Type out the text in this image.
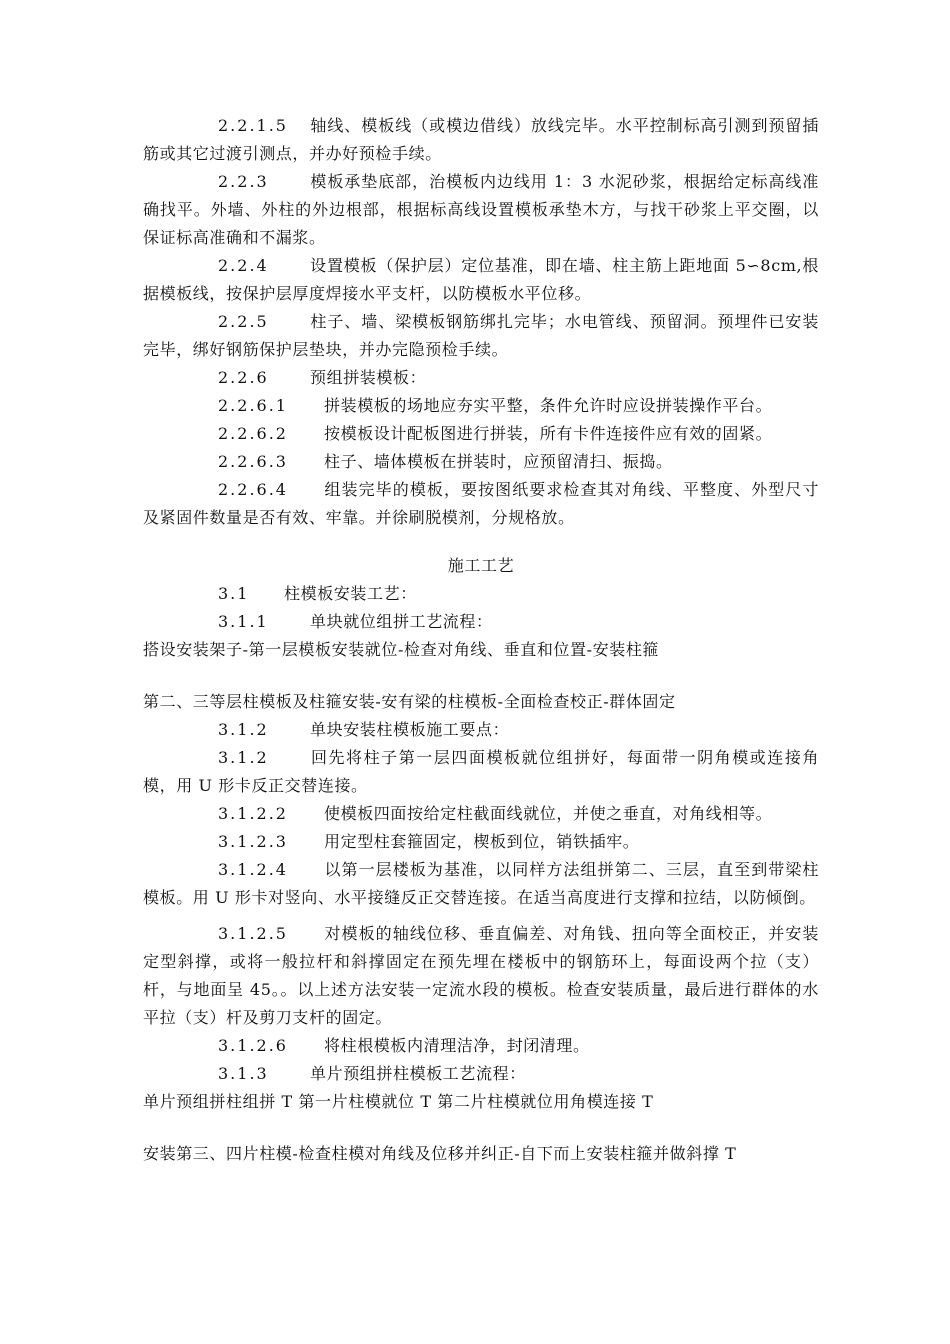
2.2.1.5 轴线、模板线（或模边借线）放线完毕。水平控制标高引测到预留插筋或其它过渡引测点，并办好预检手续。

2.2.3	模板承垫底部，治模板内边线用 1：3 水泥砂浆，根据给定标高线准确找平。外墙、外柱的外边根部，根据标高线设置模板承垫木方，与找干砂浆上平交圈，以保证标高准确和不漏浆。

2.2.4	设置模板（保护层）定位基准，即在墙、柱主筋上距地面 5∽8cm,根据模板线，按保护层厚度焊接水平支杆，以防模板水平位移。

2.2.5	柱子、墙、梁模板钢筋绑扎完毕；水电管线、预留洞。预埋件已安装完毕，绑好钢筋保护层垫块，并办完隐预检手续。

2.2.6	预组拼装模板：

2.2.6.1 拼装模板的场地应夯实平整，条件允许时应设拼装操作平台。

2.2.6.2 按模板设计配板图进行拼装，所有卡件连接件应有效的固紧。

2.2.6.3 柱子、墙体模板在拼装时，应预留清扫、振捣。

2.2.6.4 组装完毕的模板，要按图纸要求检查其对角线、平整度、外型尺寸及紧固件数量是否有效、牢靠。并徐刷脱模剂，分规格放。

施工工艺

3.1 柱模板安装工艺：

3.1.1	单块就位组拼工艺流程：

搭设安装架子-第一层模板安装就位-检查对角线、垂直和位置-安装柱箍

第二、三等层柱模板及柱箍安装-安有梁的柱模板-全面检查校正-群体固定

3.1.2	单块安装柱模板施工要点：

3.1.2	回先将柱子第一层四面模板就位组拼好，每面带一阴角模或连接角模，用 U 形卡反正交替连接。

3.1.2.2 使模板四面按给定柱截面线就位，并使之垂直，对角线相等。

3.1.2.3 用定型柱套箍固定，楔板到位，销铁插牢。

3.1.2.4 以第一层楼板为基准，以同样方法组拼第二、三层，直至到带梁柱模板。用 U 形卡对竖向、水平接缝反正交替连接。在适当高度进行支撑和拉结，以防倾倒。

3.1.2.5 对模板的轴线位移、垂直偏差、对角钱、扭向等全面校正，并安装定型斜撑，或将一般拉杆和斜撑固定在预先埋在楼板中的钢筋环上，每面设两个拉（支）杆，与地面呈 45。。以上述方法安装一定流水段的模板。检查安装质量，最后进行群体的水平拉（支）杆及剪刀支杆的固定。

3.1.2.6 将柱根模板内清理洁净，封闭清理。

3.1.3	单片预组拼柱模板工艺流程：

单片预组拼柱组拼 T 第一片柱模就位 T 第二片柱模就位用角模连接 T

安装第三、四片柱模-检查柱模对角线及位移并纠正-自下而上安装柱箍并做斜撑 T
